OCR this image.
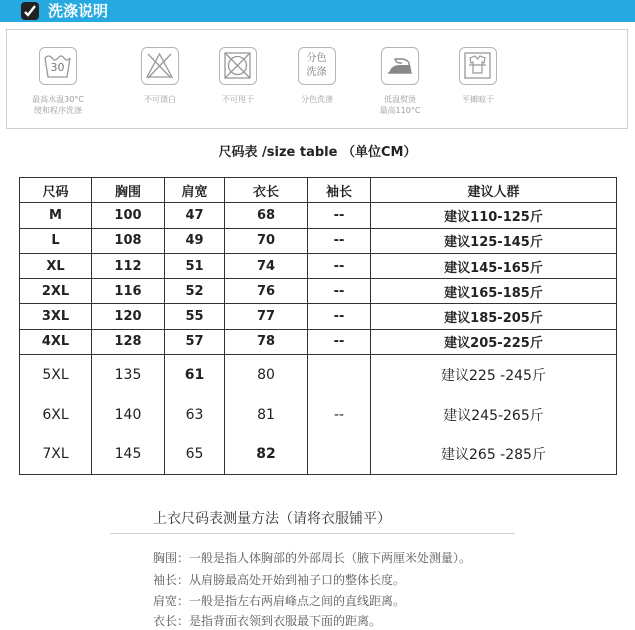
洗涤说明
30
最高水温30°C
缓和程序洗涤
不可漂白	不可甩干
分色
洗涤
分色洗涤	低温熨烫
最高110°C
平摊晾干
尺码表 /size table （单位CM）
尺码	胸围	肩宽	衣长	袖长	建议人群
M	100	47	68	--	建议110-125斤
L	108	49	70	--	建议125-145斤
XL	112	51	74	--	建议145-165斤
2XL	116	52	76	--	建议165-185斤
3XL	120	55	77	--	建议185-205斤
4XL	128	57	78	--	建议205-225斤
5XL	135	61	80	--	建议225 -245斤
6XL	140	63	81		建议245-265斤
7XL	145	65	82		建议265 -285斤
上衣尺码表测量方法（请将衣服铺平）
胸围：一般是指人体胸部的外部周长（腋下两厘米处测量）。
袖长：从肩膀最高处开始到袖子口的整体长度。
肩宽：一般是指左右两肩峰点之间的直线距离。
衣长：是指背面衣领到衣服最下面的距离。
